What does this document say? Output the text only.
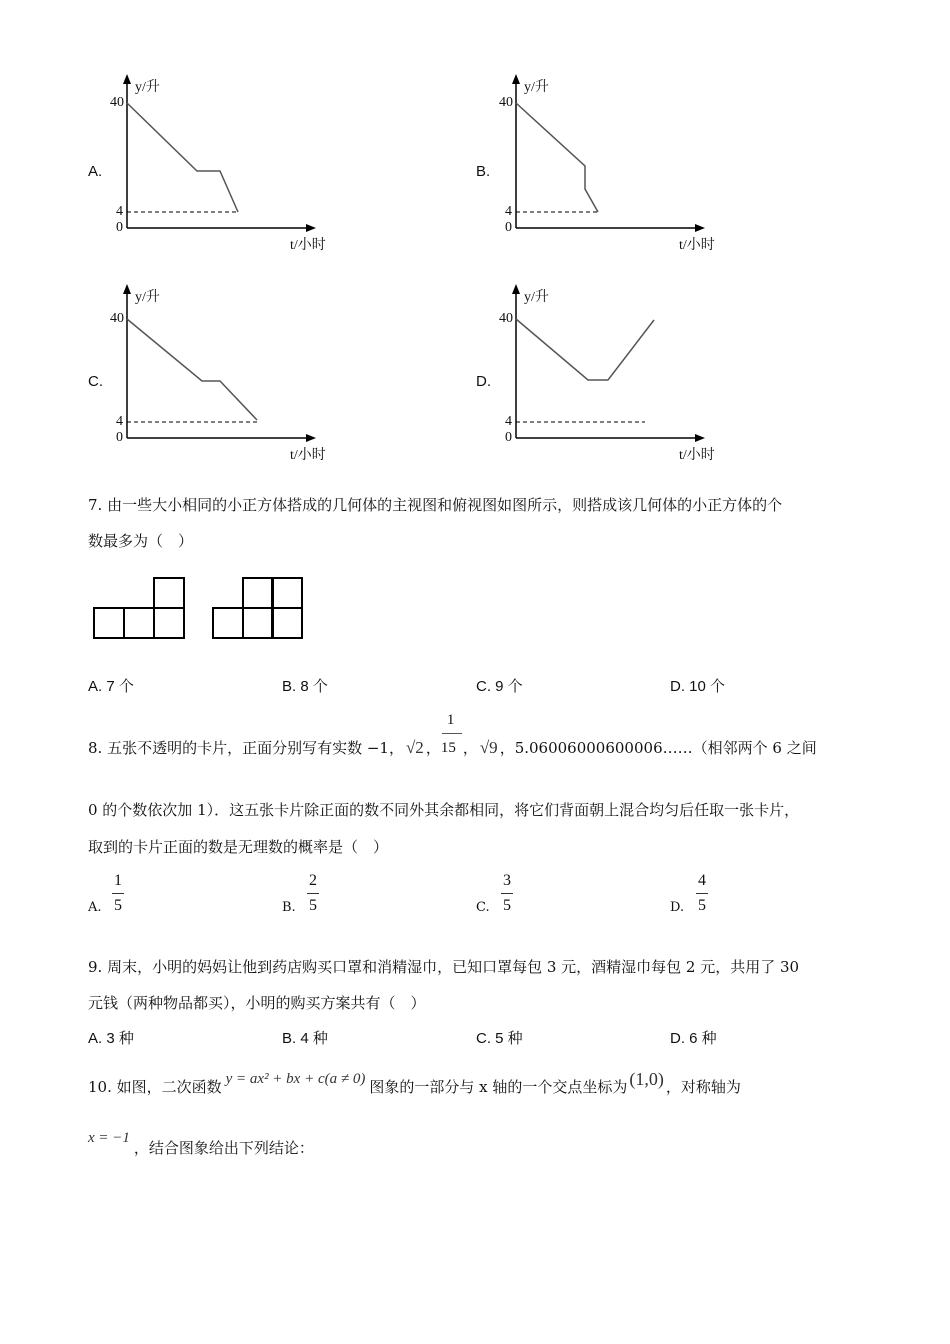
A.
y/升
40
4
0
t/小时
B.
y/升
40
4
0
t/小时
C.
y/升
40
4
0
t/小时
D.
y/升
40
4
0
t/小时
7. 由一些大小相同的小正方体搭成的几何体的主视图和俯视图如图所示，则搭成该几何体的小正方体的个
数最多为（　）
A. 7 个	B. 8 个	C. 9 个	D. 10 个
8. 五张不透明的卡片，正面分别写有实数 −1， √2 ，
1
15 ， √9 ，5.06006000600006……（相邻两个 6 之间
0 的个数依次加 1）．这五张卡片除正面的数不同外其余都相同，将它们背面朝上混合均匀后任取一张卡片，
取到的卡片正面的数是无理数的概率是（　）
A.
1
5	B.
2
5	C.
3
5	D.
4
5
9. 周末，小明的妈妈让他到药店购买口罩和消精湿巾，已知口罩每包 3 元，酒精湿巾每包 2 元，共用了 30
元钱（两种物品都买），小明的购买方案共有（　）
A. 3 种	B. 4 种	C. 5 种	D. 6 种
10. 如图，二次函数 y = ax² + bx + c(a ≠ 0) 图象的一部分与 x 轴的一个交点坐标为 (1,0) ，对称轴为
x = −1
，结合图象给出下列结论：
